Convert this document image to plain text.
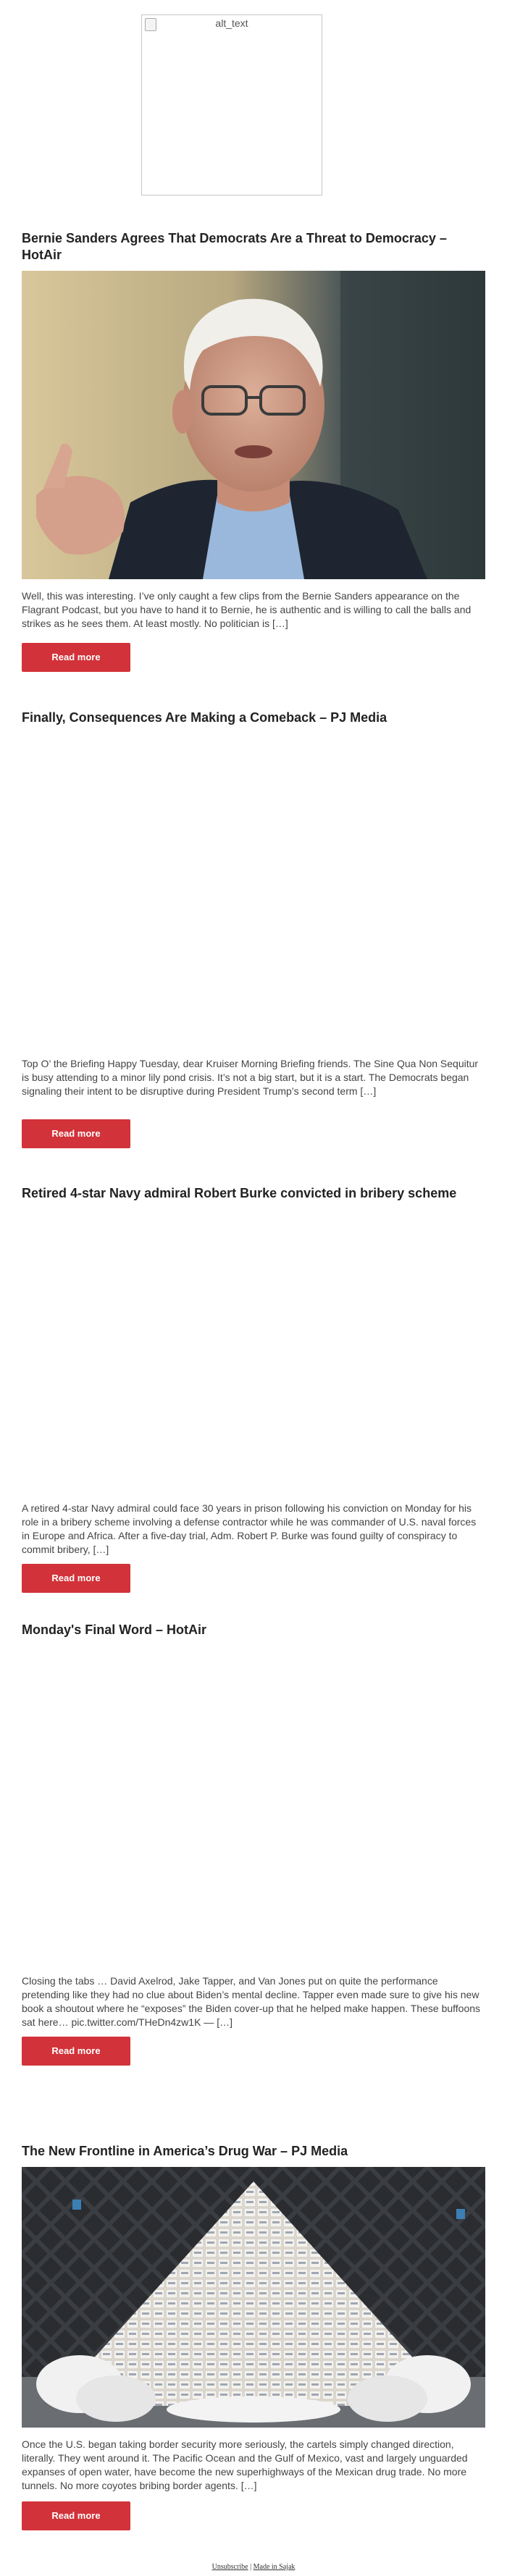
alt_text
Bernie Sanders Agrees That Democrats Are a Threat to Democracy – HotAir

Well, this was interesting. I’ve only caught a few clips from the Bernie Sanders appearance on the Flagrant Podcast, but you have to hand it to Bernie, he is authentic and is willing to call the balls and strikes as he sees them. At least mostly. No politician is […]

Read more
Finally, Consequences Are Making a Comeback – PJ Media

Top O’ the Briefing Happy Tuesday, dear Kruiser Morning Briefing friends. The Sine Qua Non Sequitur is busy attending to a minor lily pond crisis. It’s not a big start, but it is a start. The Democrats began signaling their intent to be disruptive during President Trump’s second term […]

Read more
Retired 4-star Navy admiral Robert Burke convicted in bribery scheme

A retired 4-star Navy admiral could face 30 years in prison following his conviction on Monday for his role in a bribery scheme involving a defense contractor while he was commander of U.S. naval forces in Europe and Africa. After a five-day trial, Adm. Robert P. Burke was found guilty of conspiracy to commit bribery, […]

Read more
Monday's Final Word – HotAir

Closing the tabs … David Axelrod, Jake Tapper, and Van Jones put on quite the performance pretending like they had no clue about Biden’s mental decline. Tapper even made sure to give his new book a shoutout where he “exposes” the Biden cover-up that he helped make happen. These buffoons sat here… pic.twitter.com/THeDn4zw1K — […]

Read more
The New Frontline in America’s Drug War – PJ Media

Once the U.S. began taking border security more seriously, the cartels simply changed direction, literally. They went around it. The Pacific Ocean and the Gulf of Mexico, vast and largely unguarded expanses of open water, have become the new superhighways of the Mexican drug trade. No more tunnels. No more coyotes bribing border agents. […]

Read more
Unsubscribe | Made in Sajak
